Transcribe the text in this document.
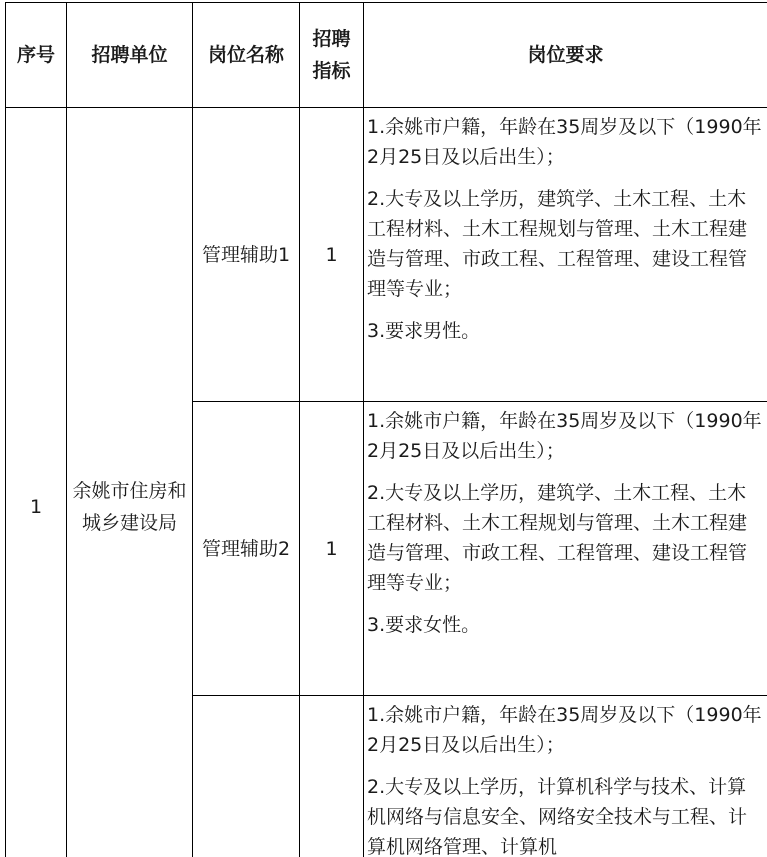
序号	招聘单位	岗位名称	招聘指标	岗位要求
1	余姚市住房和城乡建设局	管理辅助1	1	1.余姚市户籍，年龄在35周岁及以下（1990年2月25日及以后出生）；

2.大专及以上学历，建筑学、土木工程、土木工程材料、土木工程规划与管理、土木工程建造与管理、市政工程、工程管理、建设工程管理等专业；

3.要求男性。

		管理辅助2	1	1.余姚市户籍，年龄在35周岁及以下（1990年2月25日及以后出生）；

2.大专及以上学历，建筑学、土木工程、土木工程材料、土木工程规划与管理、土木工程建造与管理、市政工程、工程管理、建设工程管理等专业；

3.要求女性。

				1.余姚市户籍，年龄在35周岁及以下（1990年2月25日及以后出生）；

2.大专及以上学历，计算机科学与技术、计算机网络与信息安全、网络安全技术与工程、计算机网络管理、计算机
